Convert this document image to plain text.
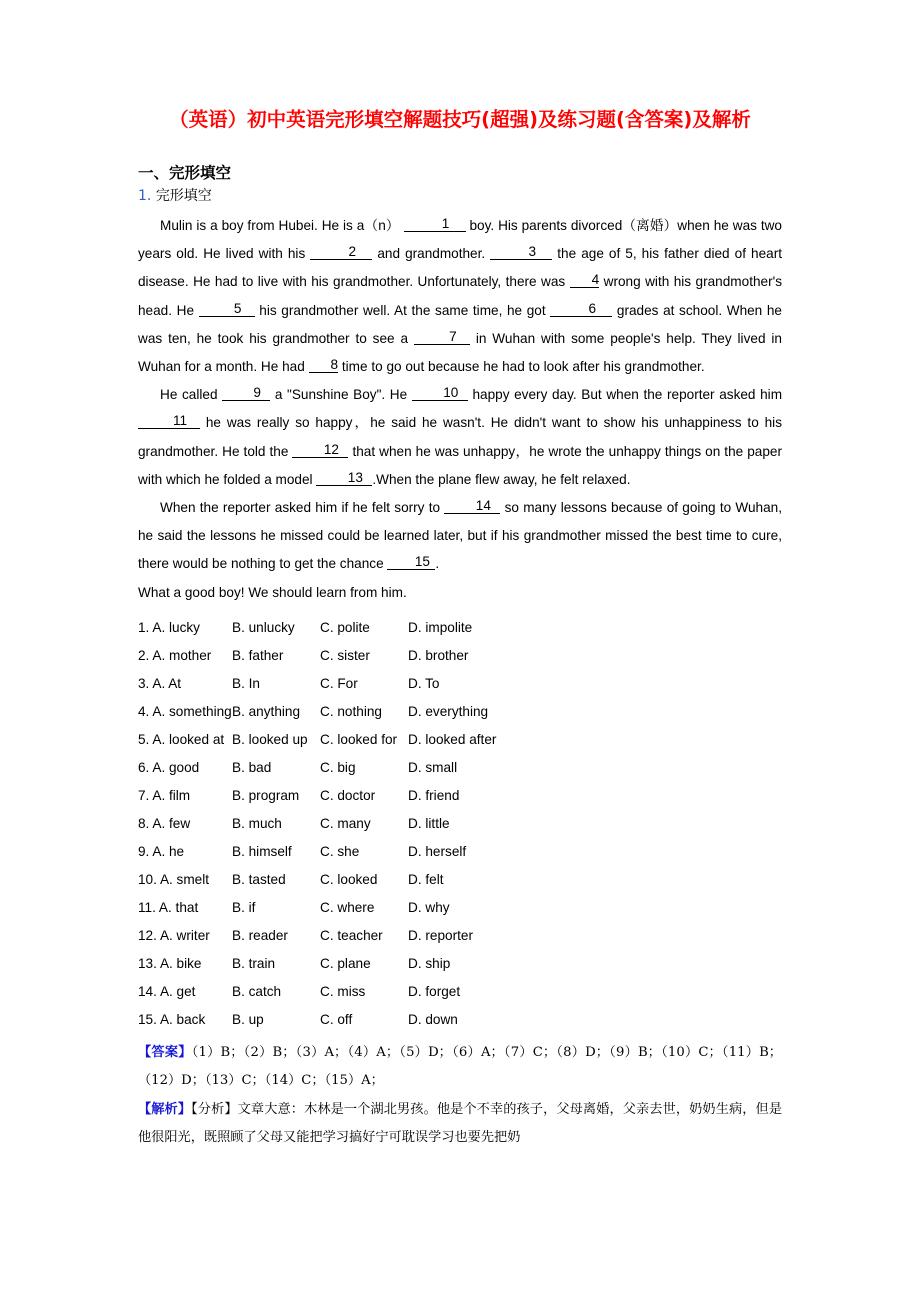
（英语）初中英语完形填空解题技巧(超强)及练习题(含答案)及解析
一、完形填空
1. 完形填空

Mulin is a boy from Hubei. He is a（n）	1 boy. His parents divorced（离婚）when he was two years old. He lived with his	2 and grandmother.	3 the age of 5, his father died of heart disease. He had to live with his grandmother. Unfortunately, there was 4 wrong with his grandmother's head. He	5 his grandmother well. At the same time, he got	6 grades at school. When he was ten, he took his grandmother to see a	7 in Wuhan with some people's help. They lived in Wuhan for a month. He had 8 time to go out because he had to look after his grandmother.

He called	9 a "Sunshine Boy". He	10 happy every day. But when the reporter asked him 11 he was really so happy，he said he wasn't. He didn't want to show his unhappiness to his grandmother. He told the	12 that when he was unhappy，he wrote the unhappy things on the paper with which he folded a model	13 .When the plane flew away, he felt relaxed.

When the reporter asked him if he felt sorry to	14 so many lessons because of going to Wuhan, he said the lessons he missed could be learned later, but if his grandmother missed the best time to cure, there would be nothing to get the chance 15 .

What a good boy! We should learn from him.

1. A. lucky	B. unlucky	C. polite	D. impolite
2. A. mother	B. father	C. sister	D. brother
3. A. At	B. In	C. For	D. To
4. A. something B. anything	C. nothing	D. everything
5. A. looked at B. looked up C. looked for D. looked after
6. A. good	B. bad	C. big	D. small
7. A. film	B. program	C. doctor	D. friend
8. A. few	B. much	C. many	D. little
9. A. he	B. himself	C. she	D. herself
10. A. smelt	B. tasted	C. looked	D. felt
11. A. that	B. if	C. where	D. why
12. A. writer	B. reader	C. teacher	D. reporter
13. A. bike	B. train	C. plane	D. ship
14. A. get	B. catch	C. miss	D. forget
15. A. back	B. up	C. off	D. down

【答案】（1）B；（2）B；（3）A；（4）A；（5）D；（6）A；（7）C；（8）D；（9）B；（10）C；（11）B；（12）D；（13）C；（14）C；（15）A；

【解析】【分析】文章大意：木林是一个湖北男孩。他是个不幸的孩子，父母离婚，父亲去世，奶奶生病，但是他很阳光，既照顾了父母又能把学习搞好宁可耽误学习也要先把奶
